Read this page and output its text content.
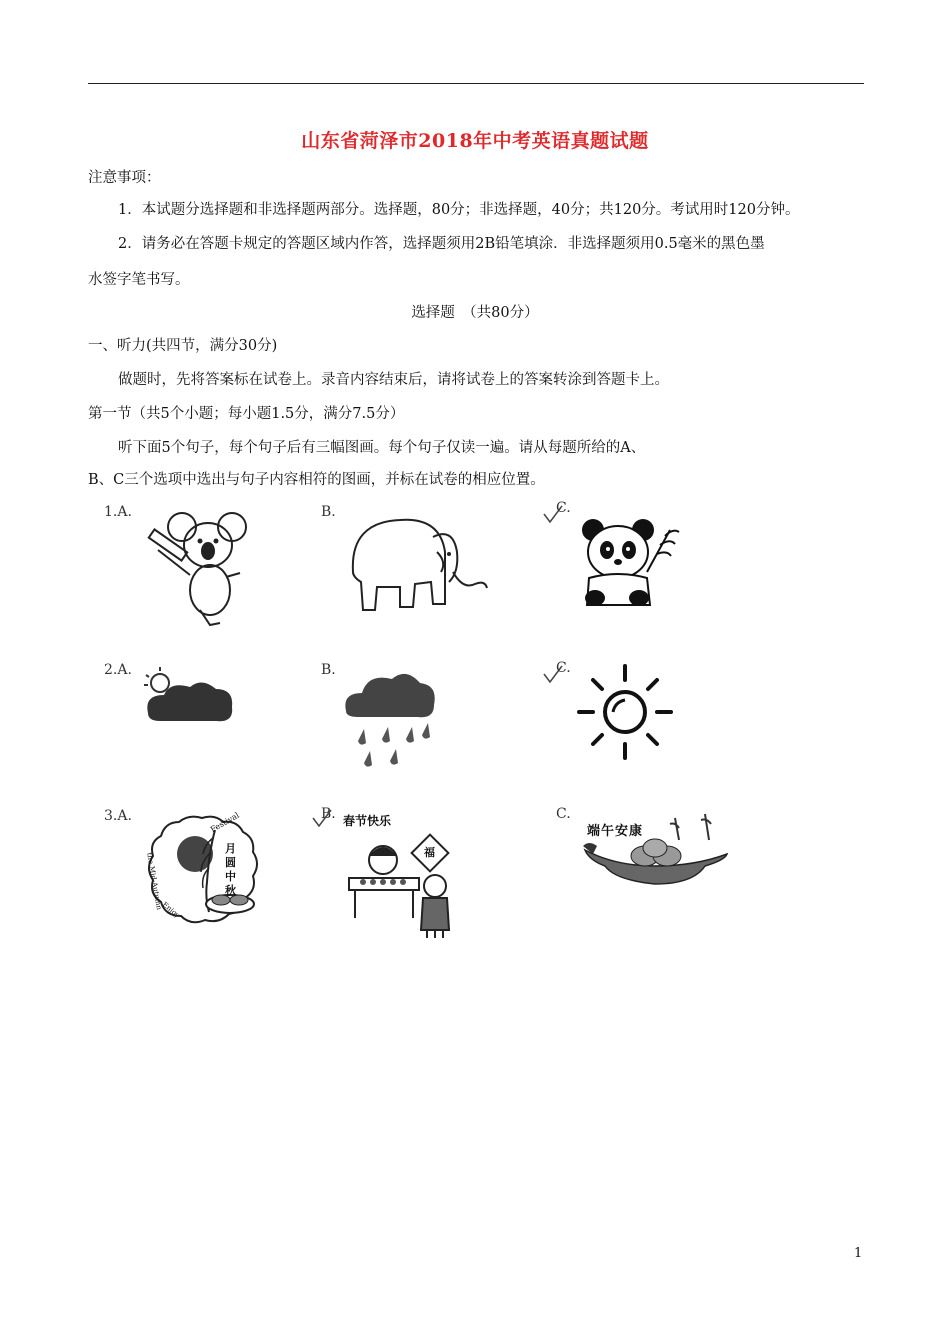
山东省菏泽市2018年中考英语真题试题
注意事项：
1．本试题分选择题和非选择题两部分。选择题，80分；非选择题，40分；共120分。考试用时120分钟。
2．请务必在答题卡规定的答题区域内作答，选择题须用2B铅笔填涂．非选择题须用0.5毫米的黑色墨
水签字笔书写。
选择题　（共80分）
一、听力(共四节，满分30分)
做题时，先将答案标在试卷上。录音内容结束后，请将试卷上的答案转涂到答题卡上。
第一节（共5个小题；每小题1.5分，满分7.5分）
听下面5个句子，每个句子后有三幅图画。每个句子仅读一遍。请从每题所给的A、
B、C三个选项中选出与句子内容相符的图画，并标在试卷的相应位置。
1.A.	B.	C.
2.A.	B.	C.
3.A.	Festival
月
圆
中
秋
the Mid-Autumn
Enjoy
B. 春节快乐
福
C.
端午安康
1
